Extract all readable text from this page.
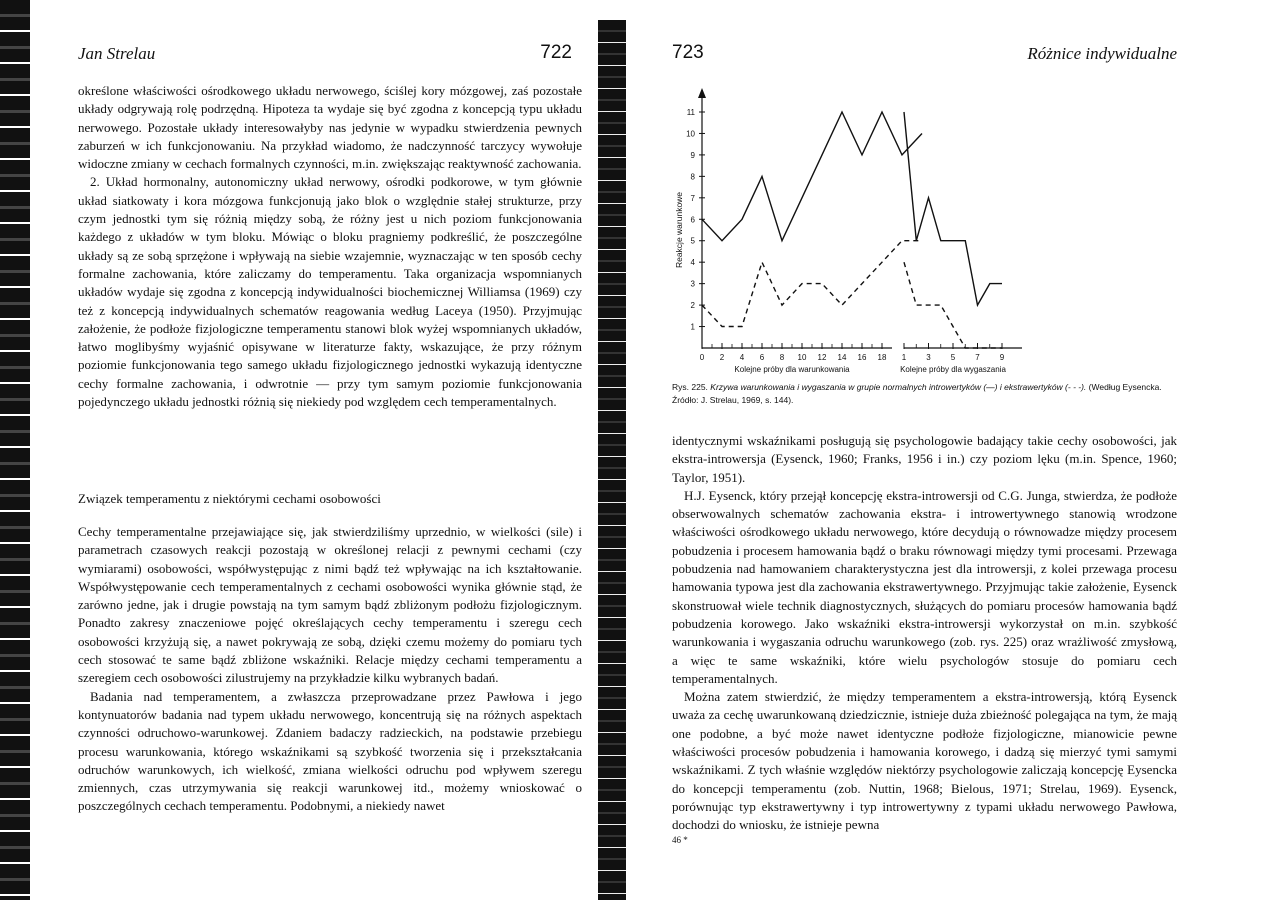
Jan Strelau	722

określone właściwości ośrodkowego układu nerwowego, ściślej kory mózgowej, zaś pozostałe układy odgrywają rolę podrzędną. Hipoteza ta wydaje się być zgodna z koncepcją typu układu nerwowego. Pozostałe układy interesowałyby nas jedynie w wypadku stwierdzenia pewnych zaburzeń w ich funkcjonowaniu. Na przykład wiadomo, że nadczynność tarczycy wywołuje widoczne zmiany w cechach formalnych czynności, m.in. zwiększając reaktywność zachowania.

2. Układ hormonalny, autonomiczny układ nerwowy, ośrodki podkorowe, w tym głównie układ siatkowaty i kora mózgowa funkcjonują jako blok o względnie stałej strukturze, przy czym jednostki tym się różnią między sobą, że różny jest u nich poziom funkcjonowania każdego z układów w tym bloku. Mówiąc o bloku pragniemy podkreślić, że poszczególne układy są ze sobą sprzężone i wpływają na siebie wzajemnie, wyznaczając w ten sposób cechy formalne zachowania, które zaliczamy do temperamentu. Taka organizacja wspomnianych układów wydaje się zgodna z koncepcją indywidualności biochemicznej Williamsa (1969) czy też z koncepcją indywidualnych schematów reagowania według Laceya (1950). Przyjmując założenie, że podłoże fizjologiczne temperamentu stanowi blok wyżej wspomnianych układów, łatwo moglibyśmy wyjaśnić opisywane w literaturze fakty, wskazujące, że przy różnym poziomie funkcjonowania tego samego układu fizjologicznego jednostki wykazują identyczne cechy formalne zachowania, i odwrotnie — przy tym samym poziomie funkcjonowania pojedynczego układu jednostki różnią się niekiedy pod względem cech temperamentalnych.

Związek temperamentu z niektórymi cechami osobowości

Cechy temperamentalne przejawiające się, jak stwierdziliśmy uprzednio, w wielkości (sile) i parametrach czasowych reakcji pozostają w określonej relacji z pewnymi cechami (czy wymiarami) osobowości, współwystępując z nimi bądź też wpływając na ich kształtowanie. Współwystępowanie cech temperamentalnych z cechami osobowości wynika głównie stąd, że zarówno jedne, jak i drugie powstają na tym samym bądź zbliżonym podłożu fizjologicznym. Ponadto zakresy znaczeniowe pojęć określających cechy temperamentu i szeregu cech osobowości krzyżują się, a nawet pokrywają ze sobą, dzięki czemu możemy do pomiaru tych cech stosować te same bądź zbliżone wskaźniki. Relacje między cechami temperamentu a szeregiem cech osobowości zilustrujemy na przykładzie kilku wybranych badań.

Badania nad temperamentem, a zwłaszcza przeprowadzane przez Pawłowa i jego kontynuatorów badania nad typem układu nerwowego, koncentrują się na różnych aspektach czynności odruchowo-warunkowej. Zdaniem badaczy radzieckich, na podstawie przebiegu procesu warunkowania, którego wskaźnikami są szybkość tworzenia się i przekształcania odruchów warunkowych, ich wielkość, zmiana wielkości odruchu pod wpływem szeregu zmiennych, czas utrzymywania się reakcji warunkowej itd., możemy wnioskować o poszczególnych cechach temperamentu. Podobnymi, a niekiedy nawet

723	Różnice indywidualne
1
2
3
4
5
6
7
8
9
10
11
Reakcje warunkowe
0 2 4 6 8 10 12 14 16 18
Kolejne próby dla warunkowania
1	3	5	7	9
Kolejne próby dla wygaszania
Rys. 225. Krzywa warunkowania i wygaszania w grupie normalnych introwertyków (—) i ekstrawertyków (- - -). (Według Eysencka. Źródło: J. Strelau, 1969, s. 144).

identycznymi wskaźnikami posługują się psychologowie badający takie cechy osobowości, jak ekstra-introwersja (Eysenck, 1960; Franks, 1956 i in.) czy poziom lęku (m.in. Spence, 1960; Taylor, 1951).

H.J. Eysenck, który przejął koncepcję ekstra-introwersji od C.G. Junga, stwierdza, że podłoże obserwowalnych schematów zachowania ekstra- i introwertywnego stanowią wrodzone właściwości ośrodkowego układu nerwowego, które decydują o równowadze między procesem pobudzenia i procesem hamowania bądź o braku równowagi między tymi procesami. Przewaga pobudzenia nad hamowaniem charakterystyczna jest dla introwersji, z kolei przewaga procesu hamowania typowa jest dla zachowania ekstrawertywnego. Przyjmując takie założenie, Eysenck skonstruował wiele technik diagnostycznych, służących do pomiaru procesów hamowania bądź pobudzenia korowego. Jako wskaźniki ekstra-introwersji wykorzystał on m.in. szybkość warunkowania i wygaszania odruchu warunkowego (zob. rys. 225) oraz wrażliwość zmysłową, a więc te same wskaźniki, które wielu psychologów stosuje do pomiaru cech temperamentalnych.

Można zatem stwierdzić, że między temperamentem a ekstra-introwersją, którą Eysenck uważa za cechę uwarunkowaną dziedzicznie, istnieje duża zbieżność polegająca na tym, że mają one podobne, a być może nawet identyczne podłoże fizjologiczne, mianowicie pewne właściwości procesów pobudzenia i hamowania korowego, i dadzą się mierzyć tymi samymi wskaźnikami. Z tych właśnie względów niektórzy psychologowie zaliczają koncepcję Eysencka do koncepcji temperamentu (zob. Nuttin, 1968; Bielous, 1971; Strelau, 1969). Eysenck, porównując typ ekstrawertywny i typ introwertywny z typami układu nerwowego Pawłowa, dochodzi do wniosku, że istnieje pewna

46 *
